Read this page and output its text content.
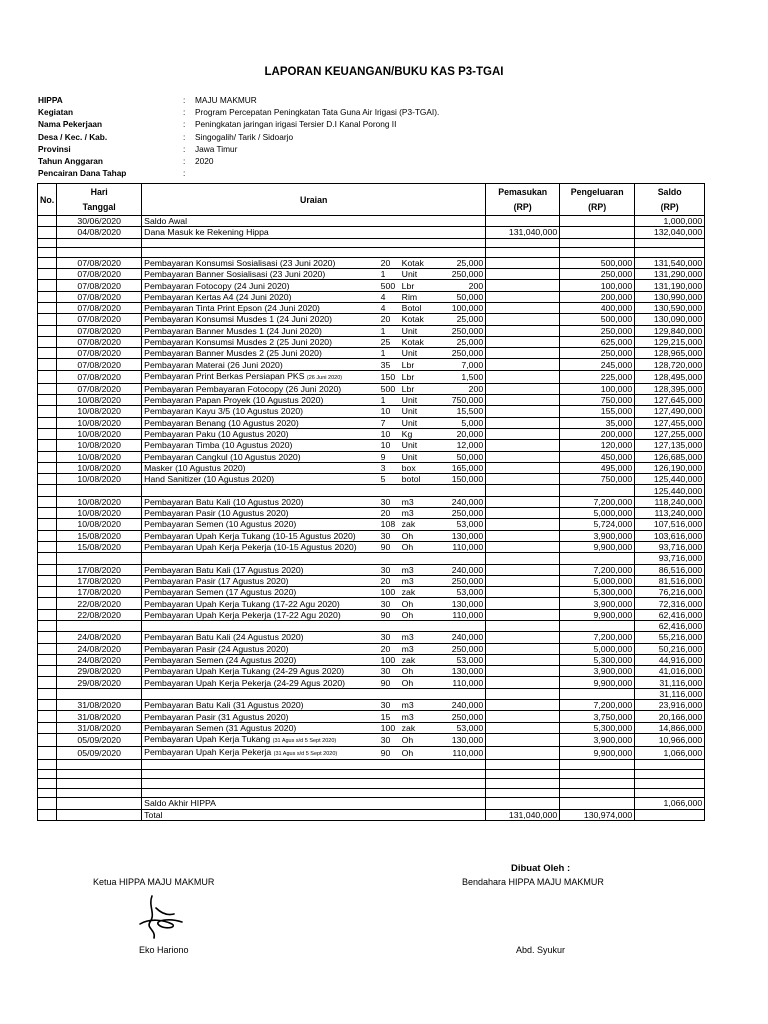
LAPORAN KEUANGAN/BUKU KAS P3-TGAI
HIPPA	:	MAJU MAKMUR
Kegiatan	:	Program Percepatan Peningkatan Tata Guna Air Irigasi (P3-TGAI).
Nama Pekerjaan	:	Peningkatan jaringan irigasi Tersier D.I Kanal Porong II
Desa / Kec. / Kab.	:	Singogalih/ Tarik / Sidoarjo
Provinsi	:	Jawa Timur
Tahun Anggaran	:	2020
Pencairan Dana Tahap	:
No.	Hari	Uraian				Pemasukan	Pengeluaran	Saldo
	Tanggal					(RP)	(RP)	(RP)
	30/06/2020	Saldo Awal						1,000,000
	04/08/2020	Dana Masuk ke Rekening Hippa				131,040,000		132,040,000

	07/08/2020	Pembayaran Konsumsi Sosialisasi (23 Juni 2020)	20	Kotak	25,000		500,000	131,540,000
	07/08/2020	Pembayaran Banner Sosialisasi (23 Juni 2020)	1	Unit	250,000		250,000	131,290,000
	07/08/2020	Pembayaran Fotocopy (24 Juni 2020)	500	Lbr	200		100,000	131,190,000
	07/08/2020	Pembayaran Kertas A4 (24 Juni 2020)	4	Rim	50,000		200,000	130,990,000
	07/08/2020	Pembayaran Tinta Print Epson (24 Juni 2020)	4	Botol	100,000		400,000	130,590,000
	07/08/2020	Pembayaran Konsumsi Musdes 1 (24 Juni 2020)	20	Kotak	25,000		500,000	130,090,000
	07/08/2020	Pembayaran Banner Musdes 1 (24 Juni 2020)	1	Unit	250,000		250,000	129,840,000
	07/08/2020	Pembayaran Konsumsi Musdes 2 (25 Juni 2020)	25	Kotak	25,000		625,000	129,215,000
	07/08/2020	Pembayaran Banner Musdes 2 (25 Juni 2020)	1	Unit	250,000		250,000	128,965,000
	07/08/2020	Pembayaran Materai (26 Juni 2020)	35	Lbr	7,000		245,000	128,720,000
	07/08/2020	Pembayaran Print Berkas Persiapan PKS (26 Juni 2020)	150	Lbr	1,500		225,000	128,495,000
	07/08/2020	Pembayaran Pembayaran Fotocopy (26 Juni 2020)	500	Lbr	200		100,000	128,395,000
	10/08/2020	Pembayaran Papan Proyek (10 Agustus 2020)	1	Unit	750,000		750,000	127,645,000
	10/08/2020	Pembayaran Kayu 3/5 (10 Agustus 2020)	10	Unit	15,500		155,000	127,490,000
	10/08/2020	Pembayaran Benang (10 Agustus 2020)	7	Unit	5,000		35,000	127,455,000
	10/08/2020	Pembayaran Paku (10 Agustus 2020)	10	Kg	20,000		200,000	127,255,000
	10/08/2020	Pembayaran Timba (10 Agustus 2020)	10	Unit	12,000		120,000	127,135,000
	10/08/2020	Pembayaran Cangkul (10 Agustus 2020)	9	Unit	50,000		450,000	126,685,000
	10/08/2020	Masker (10 Agustus 2020)	3	box	165,000		495,000	126,190,000
	10/08/2020	Hand Sanitizer (10 Agustus 2020)	5	botol	150,000		750,000	125,440,000
								125,440,000
	10/08/2020	Pembayaran Batu Kali (10 Agustus 2020)	30	m3	240,000		7,200,000	118,240,000
	10/08/2020	Pembayaran Pasir (10 Agustus 2020)	20	m3	250,000		5,000,000	113,240,000
	10/08/2020	Pembayaran Semen (10 Agustus 2020)	108	zak	53,000		5,724,000	107,516,000
	15/08/2020	Pembayaran Upah Kerja Tukang (10-15 Agustus 2020)	30	Oh	130,000		3,900,000	103,616,000
	15/08/2020	Pembayaran Upah Kerja Pekerja (10-15 Agustus 2020)	90	Oh	110,000		9,900,000	93,716,000
								93,716,000
	17/08/2020	Pembayaran Batu Kali (17 Agustus 2020)	30	m3	240,000		7,200,000	86,516,000
	17/08/2020	Pembayaran Pasir (17 Agustus 2020)	20	m3	250,000		5,000,000	81,516,000
	17/08/2020	Pembayaran Semen (17 Agustus 2020)	100	zak	53,000		5,300,000	76,216,000
	22/08/2020	Pembayaran Upah Kerja Tukang (17-22 Agu 2020)	30	Oh	130,000		3,900,000	72,316,000
	22/08/2020	Pembayaran Upah Kerja Pekerja (17-22 Agu 2020)	90	Oh	110,000		9,900,000	62,416,000
								62,416,000
	24/08/2020	Pembayaran Batu Kali (24 Agustus 2020)	30	m3	240,000		7,200,000	55,216,000
	24/08/2020	Pembayaran Pasir (24 Agustus 2020)	20	m3	250,000		5,000,000	50,216,000
	24/08/2020	Pembayaran Semen (24 Agustus 2020)	100	zak	53,000		5,300,000	44,916,000
	29/08/2020	Pembayaran Upah Kerja Tukang (24-29 Agus 2020)	30	Oh	130,000		3,900,000	41,016,000
	29/08/2020	Pembayaran Upah Kerja Pekerja (24-29 Agus 2020)	90	Oh	110,000		9,900,000	31,116,000
								31,116,000
	31/08/2020	Pembayaran Batu Kali (31 Agustus 2020)	30	m3	240,000		7,200,000	23,916,000
	31/08/2020	Pembayaran Pasir (31 Agustus 2020)	15	m3	250,000		3,750,000	20,166,000
	31/08/2020	Pembayaran Semen (31 Agustus 2020)	100	zak	53,000		5,300,000	14,866,000
	05/09/2020	Pembayaran Upah Kerja Tukang (31 Agus s/d 5 Sept 2020)	30	Oh	130,000		3,900,000	10,966,000
	05/09/2020	Pembayaran Upah Kerja Pekerja (31 Agus s/d 5 Sept 2020)	90	Oh	110,000		9,900,000	1,066,000

		Saldo Akhir HIPPA						1,066,000
		Total				131,040,000	130,974,000	
Dibuat Oleh :
Ketua HIPPA MAJU MAKMUR	Bendahara HIPPA MAJU MAKMUR
Eko Hariono	Abd. Syukur
